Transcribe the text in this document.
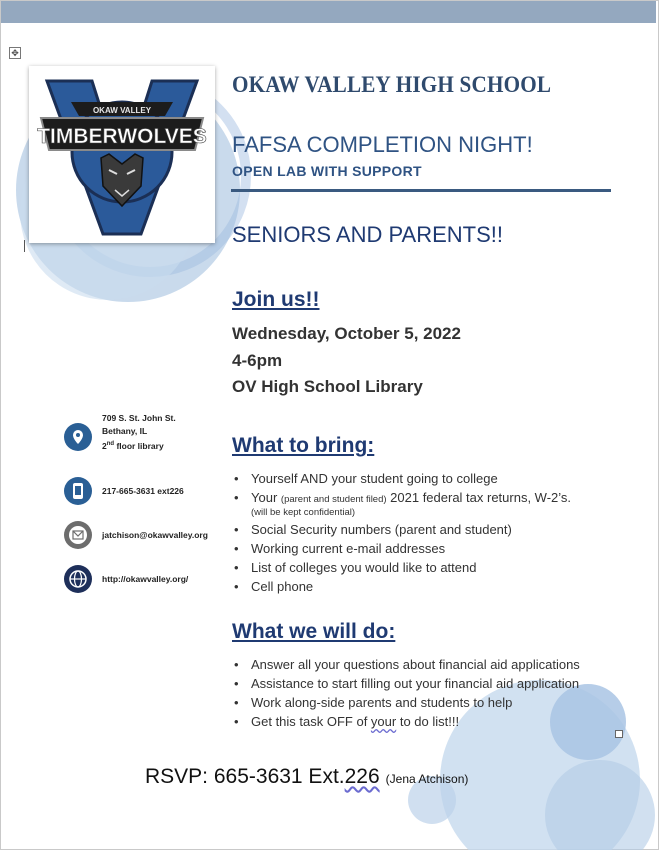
✥
OKAW VALLEY
TIMBERWOLVES
OKAW VALLEY HIGH SCHOOL
FAFSA COMPLETION NIGHT!
OPEN LAB WITH SUPPORT
SENIORS AND PARENTS!!
Join us!!
Wednesday, October 5, 2022
4-6pm
OV High School Library
What to bring:
• Yourself AND your student going to college
• Your (parent and student filed) 2021 federal tax returns, W-2’s.
(will be kept confidential)
• Social Security numbers (parent and student)
• Working current e-mail addresses
• List of colleges you would like to attend
• Cell phone
What we will do:
• Answer all your questions about financial aid applications
• Assistance to start filling out your financial aid application
• Work along-side parents and students to help
• Get this task OFF of your to do list!!!
709 S. St. John St.
Bethany, IL
2nd floor library
217-665-3631 ext226
jatchison@okawvalley.org
http://okawvalley.org/
RSVP: 665-3631 Ext.226 (Jena Atchison)
